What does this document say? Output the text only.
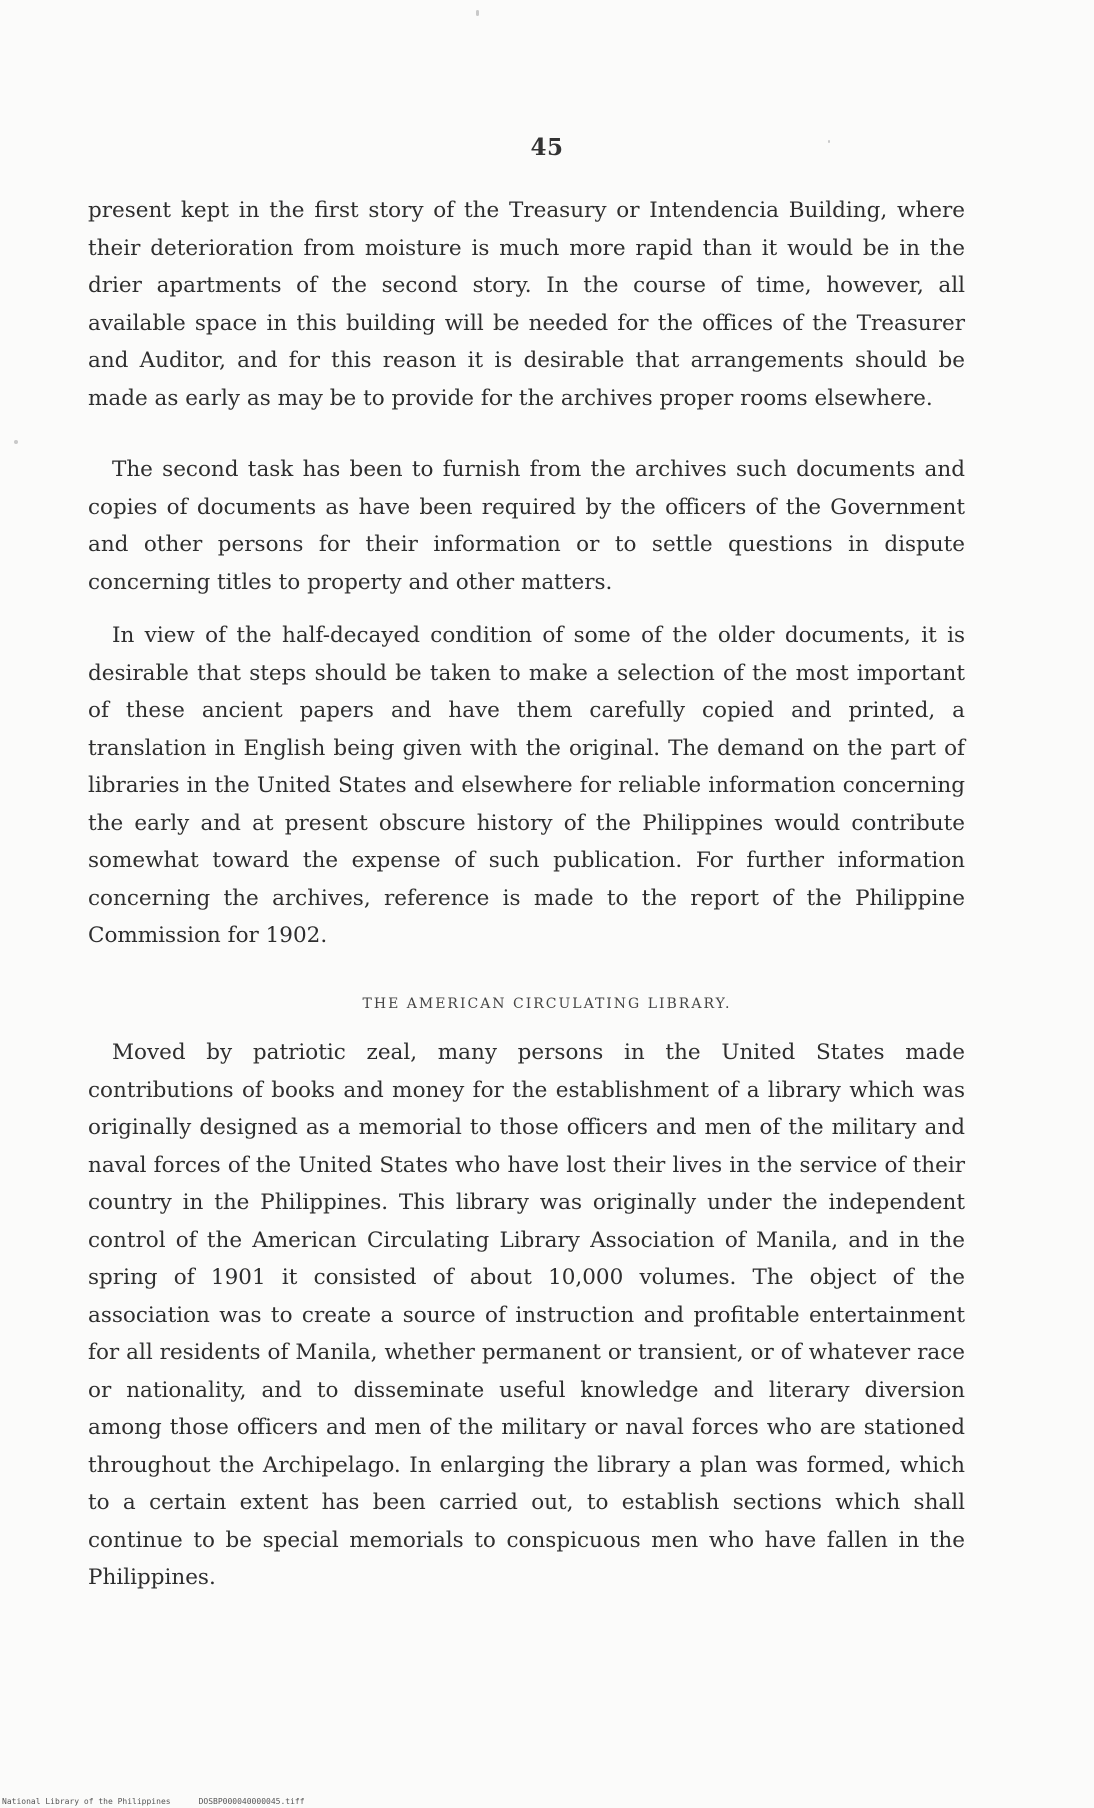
45

present kept in the first story of the Treasury or Intendencia Building, where their deterioration from moisture is much more rapid than it would be in the drier apartments of the second story. In the course of time, however, all available space in this building will be needed for the offices of the Treasurer and Auditor, and for this reason it is desirable that arrangements should be made as early as may be to provide for the archives proper rooms elsewhere.

The second task has been to furnish from the archives such documents and copies of documents as have been required by the officers of the Government and other persons for their information or to settle questions in dispute concerning titles to property and other matters.

In view of the half-decayed condition of some of the older documents, it is desirable that steps should be taken to make a selection of the most important of these ancient papers and have them carefully copied and printed, a translation in English being given with the original. The demand on the part of libraries in the United States and elsewhere for reliable information concerning the early and at present obscure history of the Philippines would contribute somewhat toward the expense of such publication. For further information concerning the archives, reference is made to the report of the Philippine Commission for 1902.

THE AMERICAN CIRCULATING LIBRARY.

Moved by patriotic zeal, many persons in the United States made contributions of books and money for the establishment of a library which was originally designed as a memorial to those officers and men of the military and naval forces of the United States who have lost their lives in the service of their country in the Philippines. This library was originally under the independent control of the American Circulating Library Association of Manila, and in the spring of 1901 it consisted of about 10,000 volumes. The object of the association was to create a source of instruction and profitable entertainment for all residents of Manila, whether permanent or transient, or of whatever race or nationality, and to disseminate useful knowledge and literary diversion among those officers and men of the military or naval forces who are stationed throughout the Archipelago. In enlarging the library a plan was formed, which to a certain extent has been carried out, to establish sections which shall continue to be special memorials to conspicuous men who have fallen in the Philippines.

National Library of the Philippines	DOSBP000040000045.tiff
